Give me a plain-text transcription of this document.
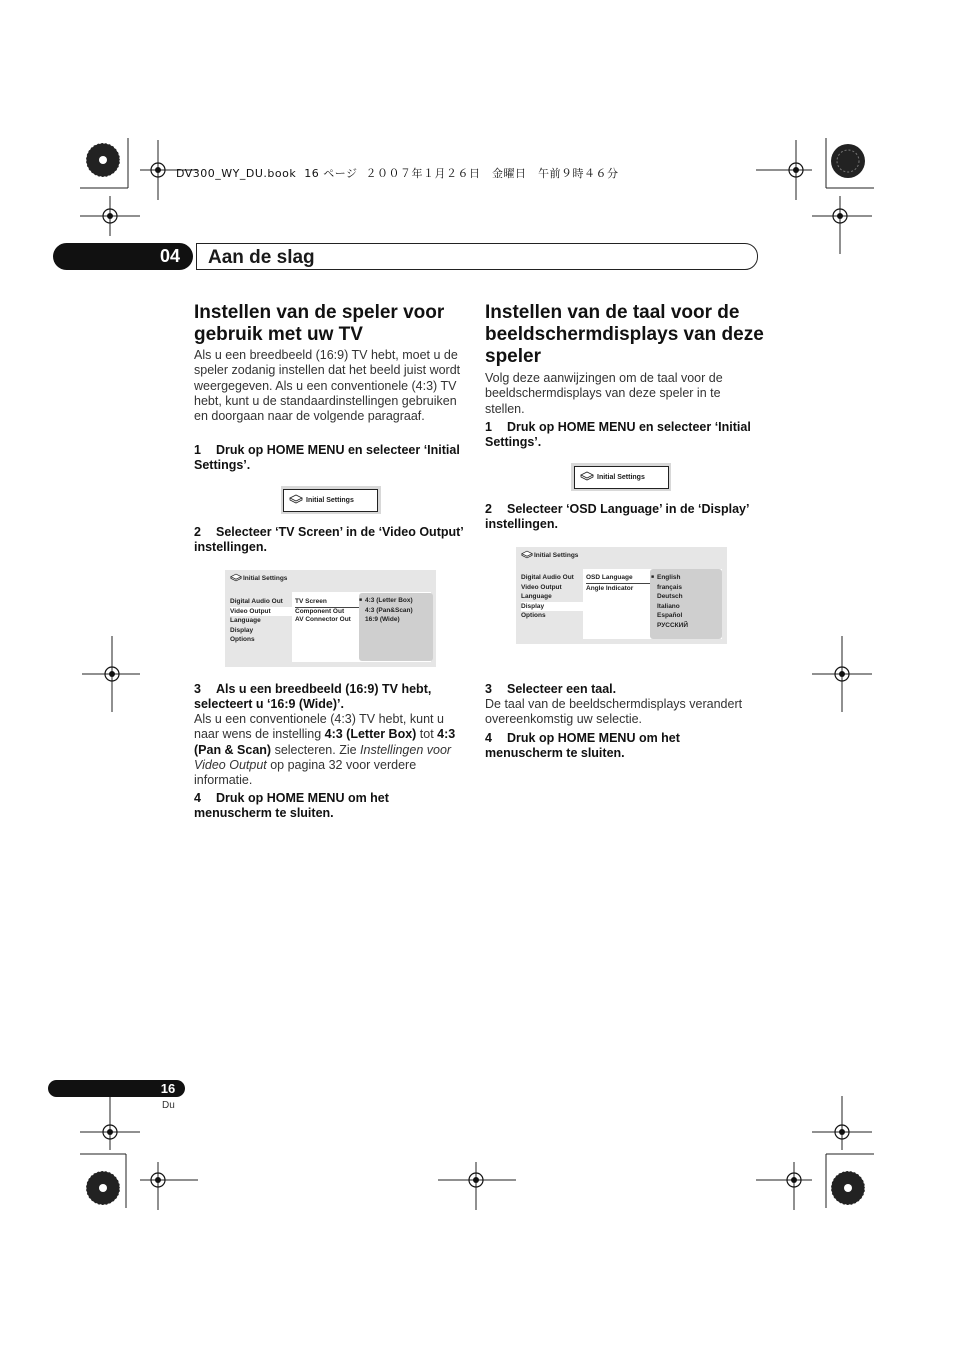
DV300_WY_DU.book  16 ページ  ２００７年１月２６日　金曜日　午前９時４６分
04	Aan de slag
Instellen van de speler voor gebruik met uw TV

Als u een breedbeeld (16:9) TV hebt, moet u de speler zodanig instellen dat het beeld juist wordt weergegeven. Als u een conventionele (4:3) TV hebt, kunt u de standaardinstellingen gebruiken en doorgaan naar de volgende paragraaf.

1 Druk op HOME MENU en selecteer ‘Initial Settings’.

Initial Settings

2 Selecteer ‘TV Screen’ in de ‘Video Output’ instellingen.

Initial Settings
Digital Audio Out
Video Output
Language
Display
Options
TV Screen
Component Out
AV Connector Out
■ 4:3 (Letter Box)
4:3 (Pan&Scan)
16:9 (Wide)

3 Als u een breedbeeld (16:9) TV hebt, selecteert u ‘16:9 (Wide)’.

Als u een conventionele (4:3) TV hebt, kunt u naar wens de instelling 4:3 (Letter Box) tot 4:3 (Pan & Scan) selecteren. Zie Instellingen voor Video Output op pagina 32 voor verdere informatie.

4 Druk op HOME MENU om het menuscherm te sluiten.

Instellen van de taal voor de beeldschermdisplays van deze speler

Volg deze aanwijzingen om de taal voor de beeldschermdisplays van deze speler in te stellen.

1 Druk op HOME MENU en selecteer ‘Initial Settings’.

Initial Settings

2 Selecteer ‘OSD Language’ in de ‘Display’ instellingen.

Initial Settings
Digital Audio Out
Video Output
Language
Display
Options
OSD Language
Angle Indicator
■ English
français
Deutsch
Italiano
Español
РУССКИЙ

3 Selecteer een taal.

De taal van de beeldschermdisplays verandert overeenkomstig uw selectie.

4 Druk op HOME MENU om het menuscherm te sluiten.

16
Du
